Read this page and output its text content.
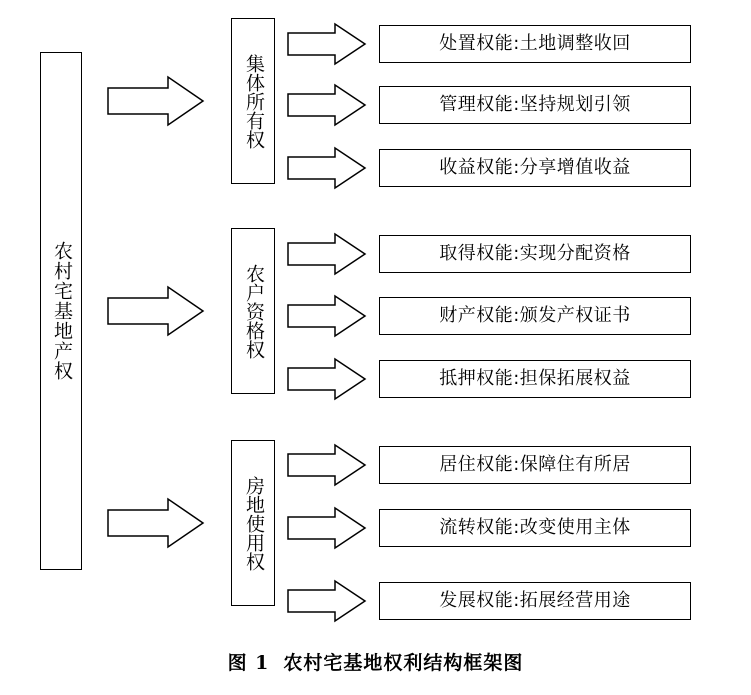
农村宅基地产权
集体所有权
处置权能:土地调整收回
管理权能:坚持规划引领
收益权能:分享增值收益
农户资格权
取得权能:实现分配资格
财产权能:颁发产权证书
抵押权能:担保拓展权益
房地使用权
居住权能:保障住有所居
流转权能:改变使用主体
发展权能:拓展经营用途
图 1 农村宅基地权利结构框架图
